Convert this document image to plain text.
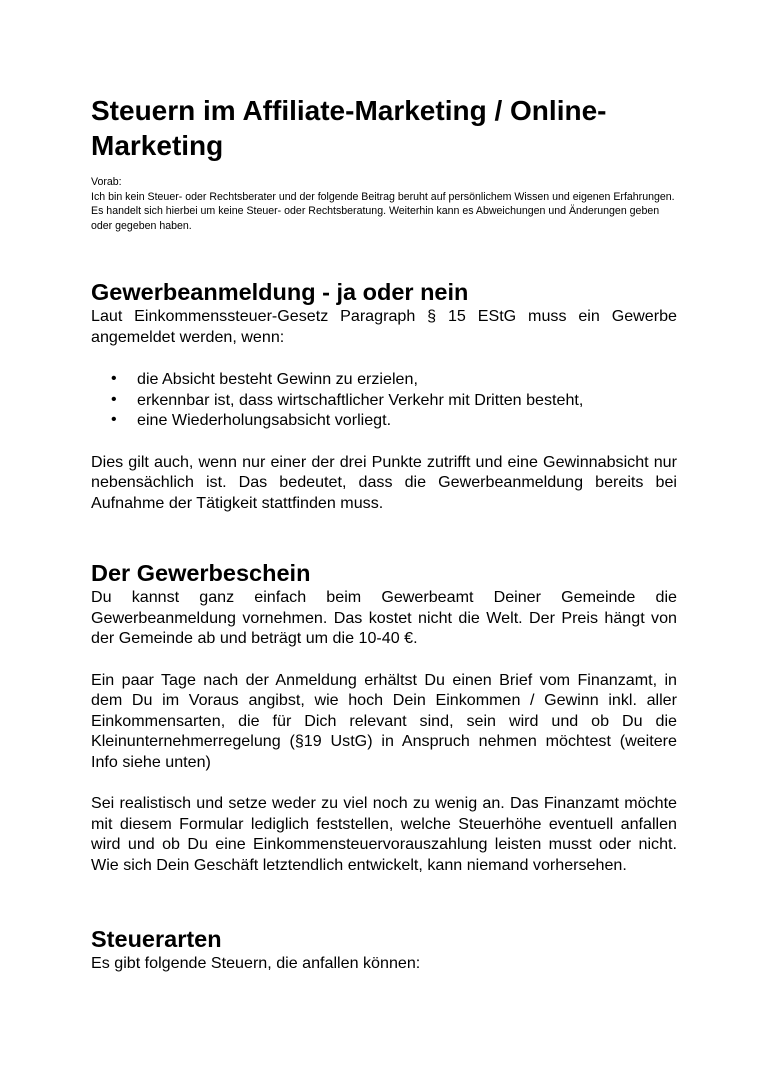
Steuern im Affiliate-Marketing / Online-Marketing
Vorab:
Ich bin kein Steuer- oder Rechtsberater und der folgende Beitrag beruht auf persönlichem Wissen und eigenen Erfahrungen. Es handelt sich hierbei um keine Steuer- oder Rechtsberatung. Weiterhin kann es Abweichungen und Änderungen geben oder gegeben haben.
Gewerbeanmeldung - ja oder nein

Laut Einkommenssteuer-Gesetz Paragraph § 15 EStG muss ein Gewerbe angemeldet werden, wenn:

• die Absicht besteht Gewinn zu erzielen,
• erkennbar ist, dass wirtschaftlicher Verkehr mit Dritten besteht,
• eine Wiederholungsabsicht vorliegt.

Dies gilt auch, wenn nur einer der drei Punkte zutrifft und eine Gewinnabsicht nur nebensächlich ist. Das bedeutet, dass die Gewerbeanmeldung bereits bei Aufnahme der Tätigkeit stattfinden muss.

Der Gewerbeschein

Du kannst ganz einfach beim Gewerbeamt Deiner Gemeinde die Gewerbeanmeldung vornehmen. Das kostet nicht die Welt. Der Preis hängt von der Gemeinde ab und beträgt um die 10-40 €.

Ein paar Tage nach der Anmeldung erhältst Du einen Brief vom Finanzamt, in dem Du im Voraus angibst, wie hoch Dein Einkommen / Gewinn inkl. aller Einkommensarten, die für Dich relevant sind, sein wird und ob Du die Kleinunternehmerregelung (§19 UstG) in Anspruch nehmen möchtest (weitere Info siehe unten)

Sei realistisch und setze weder zu viel noch zu wenig an. Das Finanzamt möchte mit diesem Formular lediglich feststellen, welche Steuerhöhe eventuell anfallen wird und ob Du eine Einkommensteuervorauszahlung leisten musst oder nicht. Wie sich Dein Geschäft letztendlich entwickelt, kann niemand vorhersehen.

Steuerarten

Es gibt folgende Steuern, die anfallen können:
